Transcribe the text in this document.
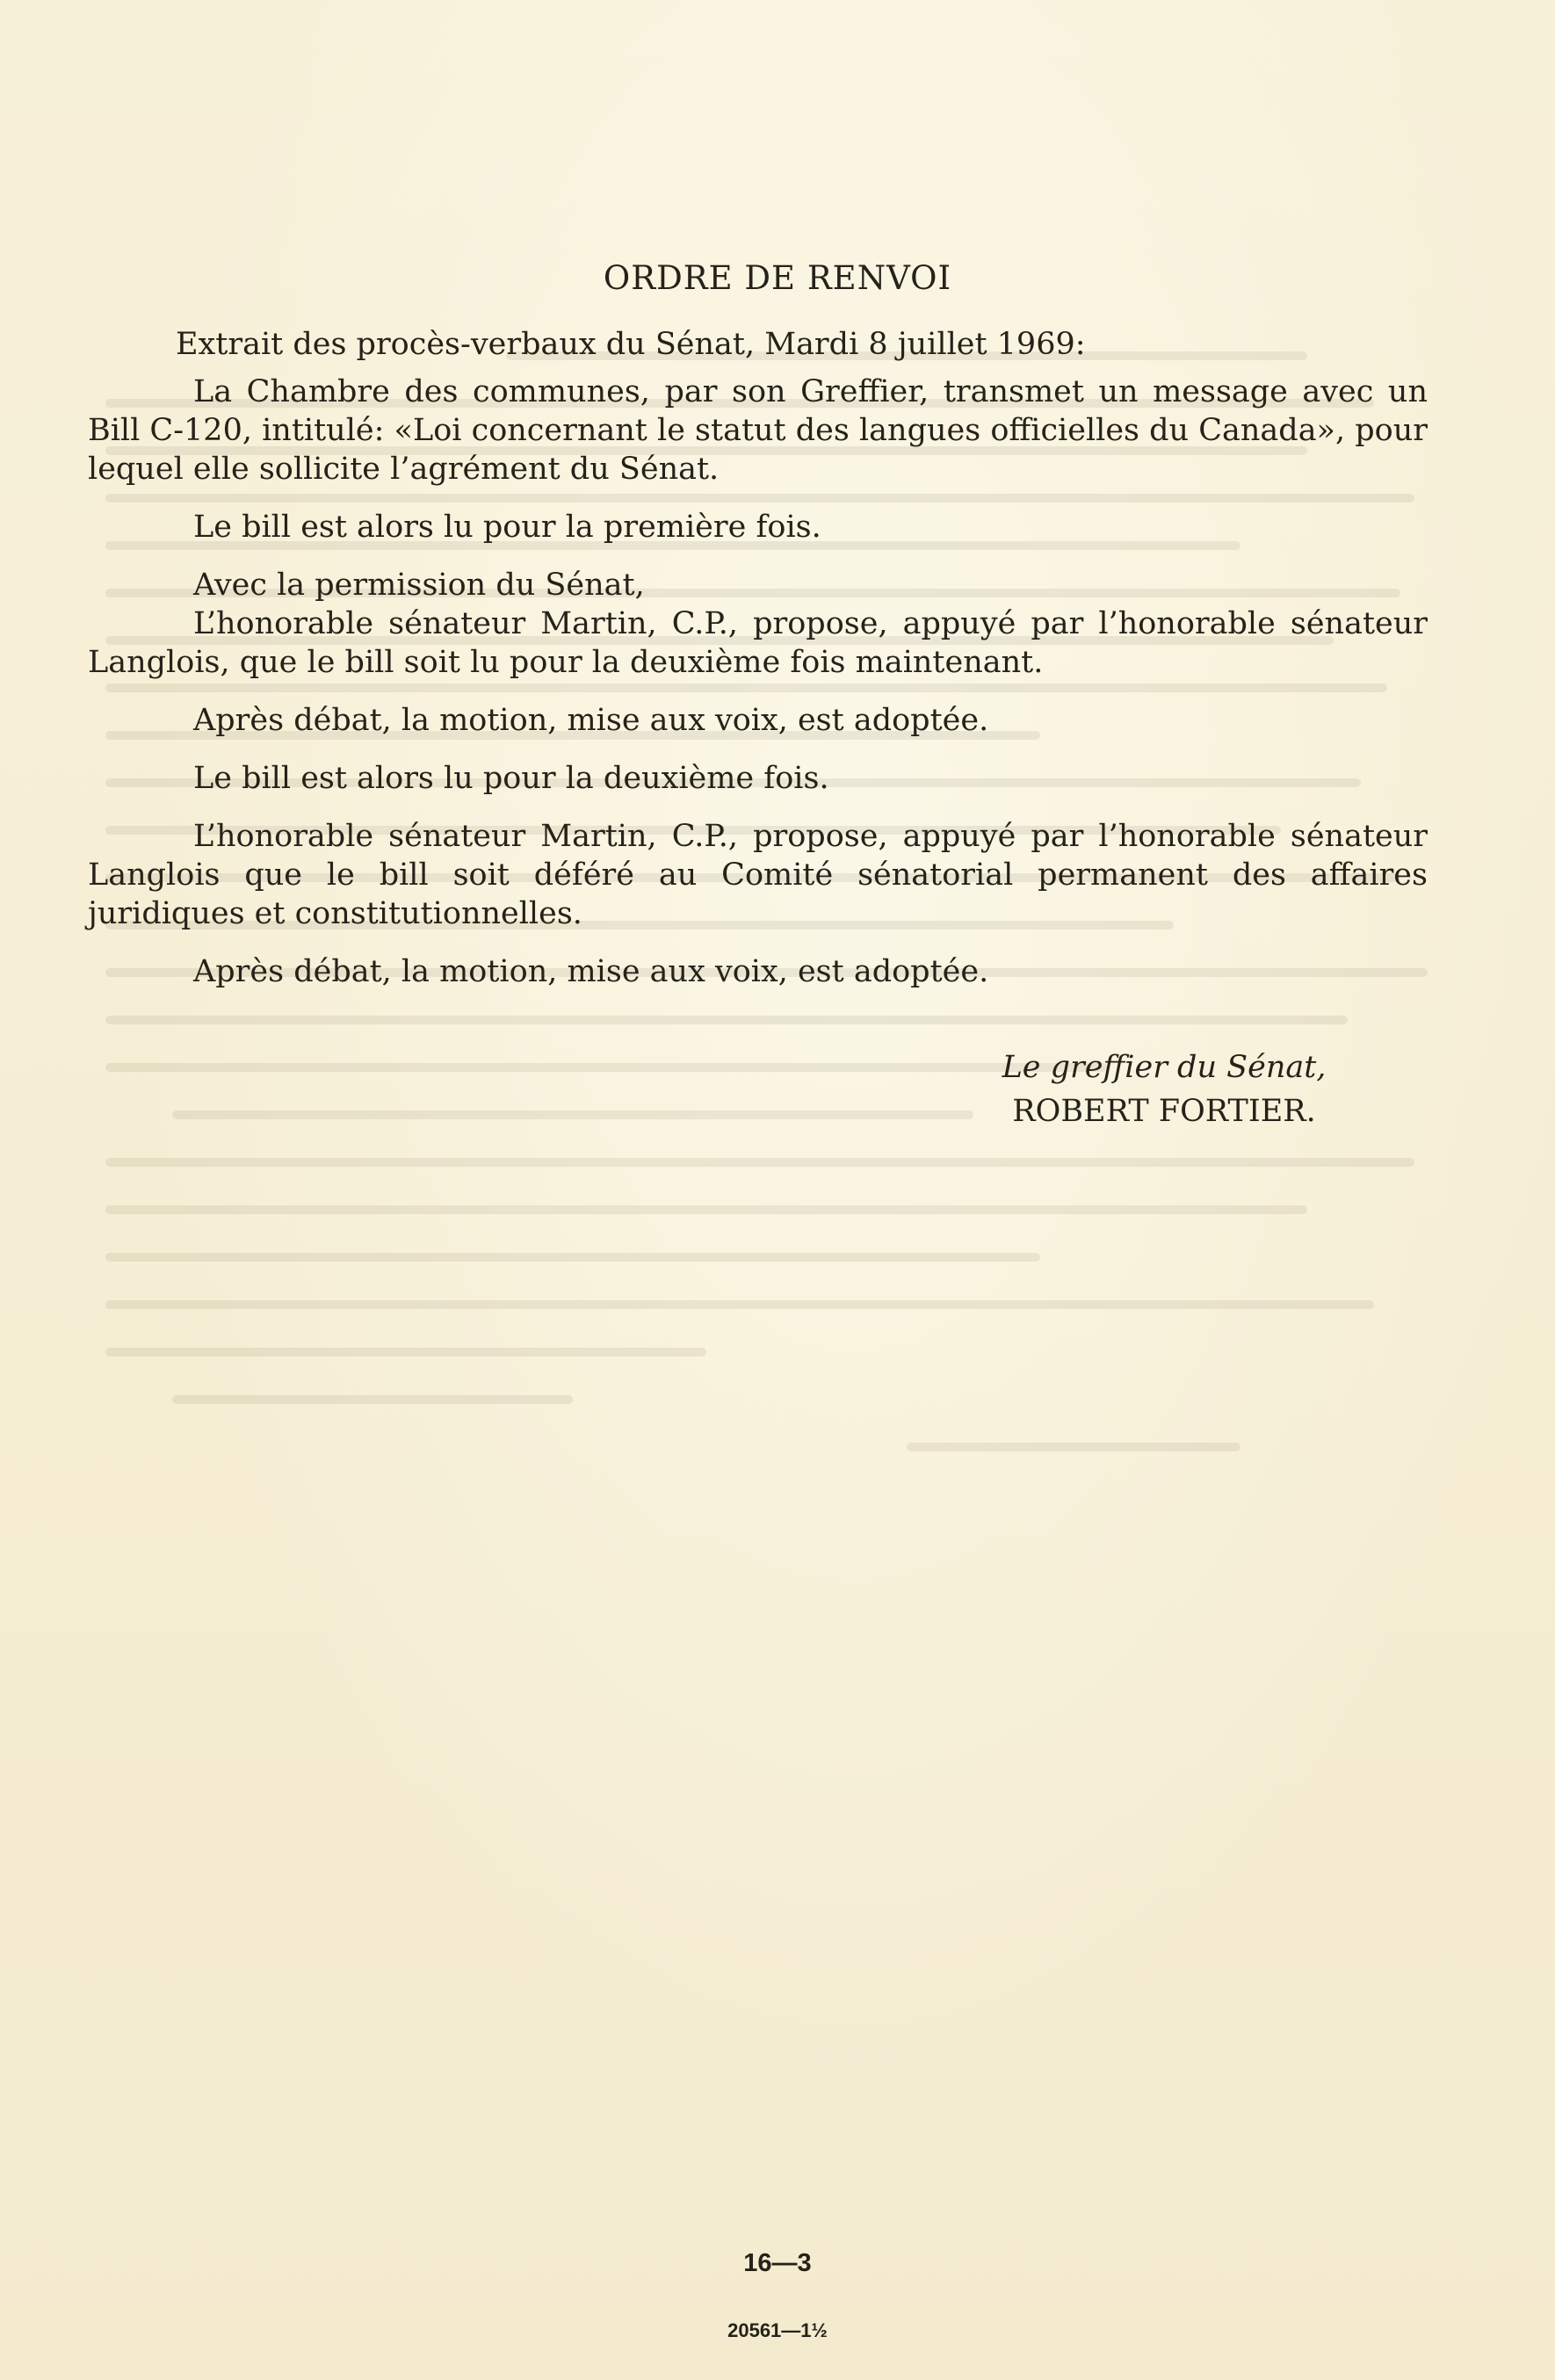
ORDRE DE RENVOI

Extrait des procès-verbaux du Sénat, Mardi 8 juillet 1969:

La Chambre des communes, par son Greffier, transmet un message avec un Bill C-120, intitulé: «Loi concernant le statut des langues officielles du Canada», pour lequel elle sollicite l’agrément du Sénat.

Le bill est alors lu pour la première fois.

Avec la permission du Sénat,

L’honorable sénateur Martin, C.P., propose, appuyé par l’honorable sénateur Langlois, que le bill soit lu pour la deuxième fois maintenant.

Après débat, la motion, mise aux voix, est adoptée.

Le bill est alors lu pour la deuxième fois.

L’honorable sénateur Martin, C.P., propose, appuyé par l’honorable sénateur Langlois que le bill soit déféré au Comité sénatorial permanent des affaires juridiques et constitutionnelles.

Après débat, la motion, mise aux voix, est adoptée.

Le greffier du Sénat,
ROBERT FORTIER.
16—3
20561—1½
